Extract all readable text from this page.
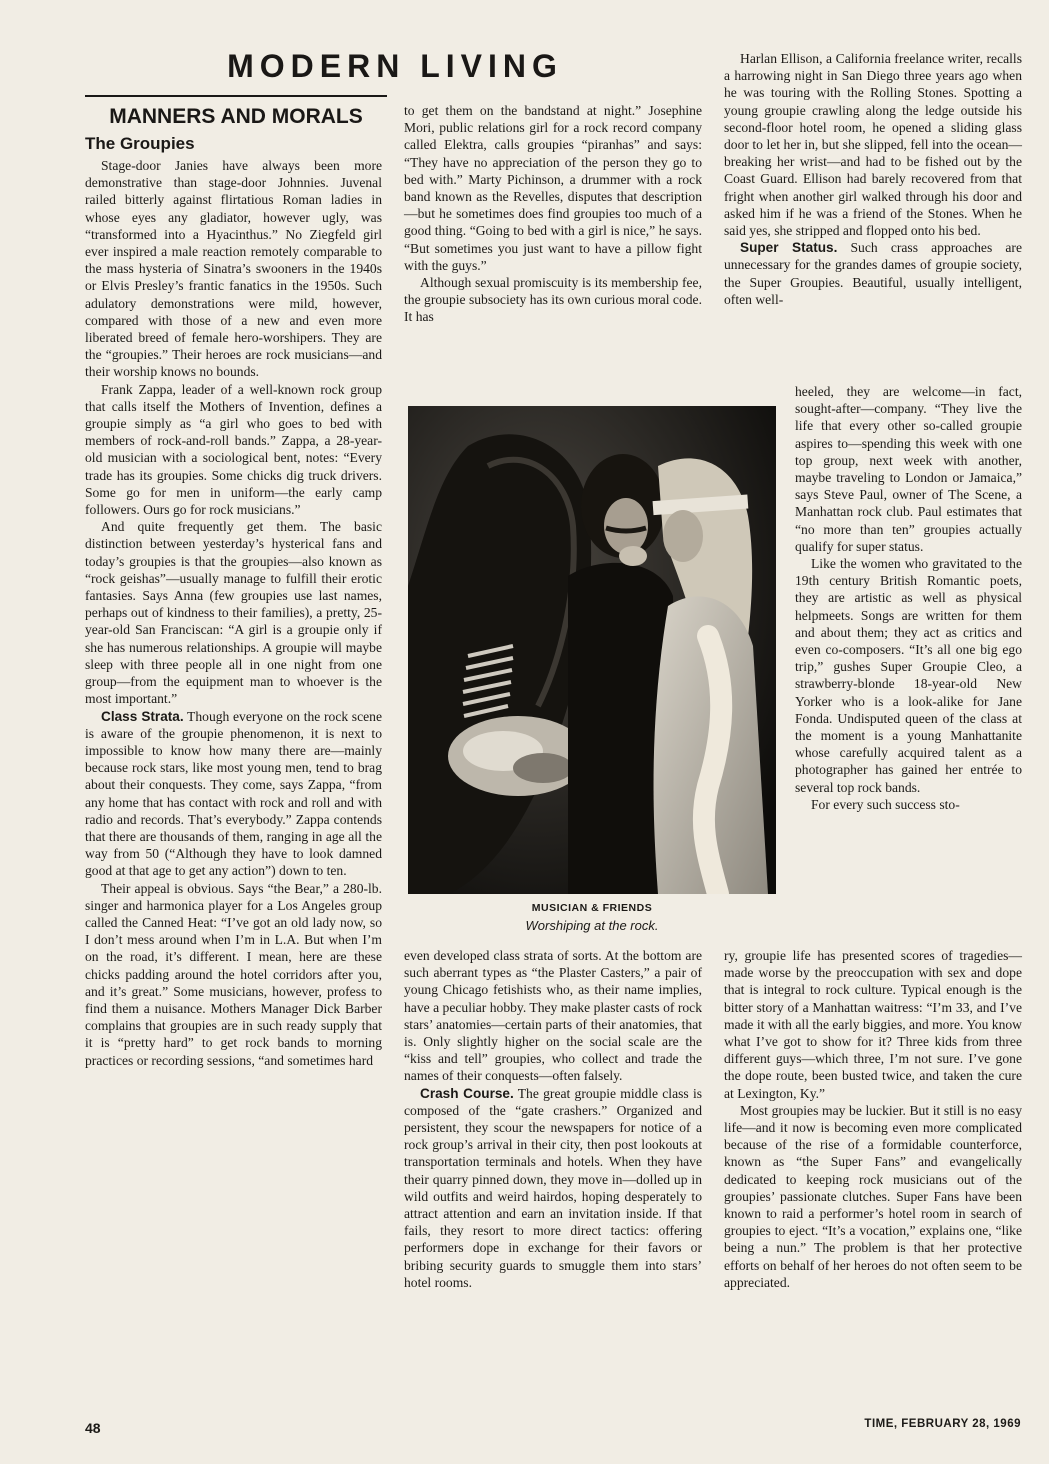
MODERN LIVING
MANNERS AND MORALS
The Groupies

Stage-door Janies have always been more demonstrative than stage-door Johnnies. Juvenal railed bitterly against flirtatious Roman ladies in whose eyes any gladiator, however ugly, was “transformed into a Hyacinthus.” No Ziegfeld girl ever inspired a male reaction remotely comparable to the mass hysteria of Sinatra’s swooners in the 1940s or Elvis Presley’s frantic fanatics in the 1950s. Such adulatory demonstrations were mild, however, compared with those of a new and even more liberated breed of female hero-worshipers. They are the “groupies.” Their heroes are rock musicians—and their worship knows no bounds.

Frank Zappa, leader of a well-known rock group that calls itself the Mothers of Invention, defines a groupie simply as “a girl who goes to bed with members of rock-and-roll bands.” Zappa, a 28-year-old musician with a sociological bent, notes: “Every trade has its groupies. Some chicks dig truck drivers. Some go for men in uniform—the early camp followers. Ours go for rock musicians.”

And quite frequently get them. The basic distinction between yesterday’s hysterical fans and today’s groupies is that the groupies—also known as “rock geishas”—usually manage to fulfill their erotic fantasies. Says Anna (few groupies use last names, perhaps out of kindness to their families), a pretty, 25-year-old San Franciscan: “A girl is a groupie only if she has numerous relationships. A groupie will maybe sleep with three people all in one night from one group—from the equipment man to whoever is the most important.”

Class Strata. Though everyone on the rock scene is aware of the groupie phenomenon, it is next to impossible to know how many there are—mainly because rock stars, like most young men, tend to brag about their conquests. They come, says Zappa, “from any home that has contact with rock and roll and with radio and records. That’s everybody.” Zappa contends that there are thousands of them, ranging in age all the way from 50 (“Although they have to look damned good at that age to get any action”) down to ten.

Their appeal is obvious. Says “the Bear,” a 280-lb. singer and harmonica player for a Los Angeles group called the Canned Heat: “I’ve got an old lady now, so I don’t mess around when I’m in L.A. But when I’m on the road, it’s different. I mean, here are these chicks padding around the hotel corridors after you, and it’s great.” Some musicians, however, profess to find them a nuisance. Mothers Manager Dick Barber complains that groupies are in such ready supply that it is “pretty hard” to get rock bands to morning practices or recording sessions, “and sometimes hard

to get them on the bandstand at night.” Josephine Mori, public relations girl for a rock record company called Elektra, calls groupies “piranhas” and says: “They have no appreciation of the person they go to bed with.” Marty Pichinson, a drummer with a rock band known as the Revelles, disputes that description—but he sometimes does find groupies too much of a good thing. “Going to bed with a girl is nice,” he says. “But sometimes you just want to have a pillow fight with the guys.”

Although sexual promiscuity is its membership fee, the groupie subsociety has its own curious moral code. It has

MUSICIAN & FRIENDS
Worshiping at the rock.

even developed class strata of sorts. At the bottom are such aberrant types as “the Plaster Casters,” a pair of young Chicago fetishists who, as their name implies, have a peculiar hobby. They make plaster casts of rock stars’ anatomies—certain parts of their anatomies, that is. Only slightly higher on the social scale are the “kiss and tell” groupies, who collect and trade the names of their conquests—often falsely.

Crash Course. The great groupie middle class is composed of the “gate crashers.” Organized and persistent, they scour the newspapers for notice of a rock group’s arrival in their city, then post lookouts at transportation terminals and hotels. When they have their quarry pinned down, they move in—dolled up in wild outfits and weird hairdos, hoping desperately to attract attention and earn an invitation inside. If that fails, they resort to more direct tactics: offering performers dope in exchange for their favors or bribing security guards to smuggle them into stars’ hotel rooms.

Harlan Ellison, a California freelance writer, recalls a harrowing night in San Diego three years ago when he was touring with the Rolling Stones. Spotting a young groupie crawling along the ledge outside his second-floor hotel room, he opened a sliding glass door to let her in, but she slipped, fell into the ocean—breaking her wrist—and had to be fished out by the Coast Guard. Ellison had barely recovered from that fright when another girl walked through his door and asked him if he was a friend of the Stones. When he said yes, she stripped and flopped onto his bed.

Super Status. Such crass approaches are unnecessary for the grandes dames of groupie society, the Super Groupies. Beautiful, usually intelligent, often well-

heeled, they are welcome—in fact, sought-after—company. “They live the life that every other so-called groupie aspires to—spending this week with one top group, next week with another, maybe traveling to London or Jamaica,” says Steve Paul, owner of The Scene, a Manhattan rock club. Paul estimates that “no more than ten” groupies actually qualify for super status.

Like the women who gravitated to the 19th century British Romantic poets, they are artistic as well as physical helpmeets. Songs are written for them and about them; they act as critics and even co-composers. “It’s all one big ego trip,” gushes Super Groupie Cleo, a strawberry-blonde 18-year-old New Yorker who is a look-alike for Jane Fonda. Undisputed queen of the class at the moment is a young Manhattanite whose carefully acquired talent as a photographer has gained her entrée to several top rock bands.

For every such success sto-

ry, groupie life has presented scores of tragedies—made worse by the preoccupation with sex and dope that is integral to rock culture. Typical enough is the bitter story of a Manhattan waitress: “I’m 33, and I’ve made it with all the early biggies, and more. You know what I’ve got to show for it? Three kids from three different guys—which three, I’m not sure. I’ve gone the dope route, been busted twice, and taken the cure at Lexington, Ky.”

Most groupies may be luckier. But it still is no easy life—and it now is becoming even more complicated because of the rise of a formidable counterforce, known as “the Super Fans” and evangelically dedicated to keeping rock musicians out of the groupies’ passionate clutches. Super Fans have been known to raid a performer’s hotel room in search of groupies to eject. “It’s a vocation,” explains one, “like being a nun.” The problem is that her protective efforts on behalf of her heroes do not often seem to be appreciated.

48	TIME, FEBRUARY 28, 1969
